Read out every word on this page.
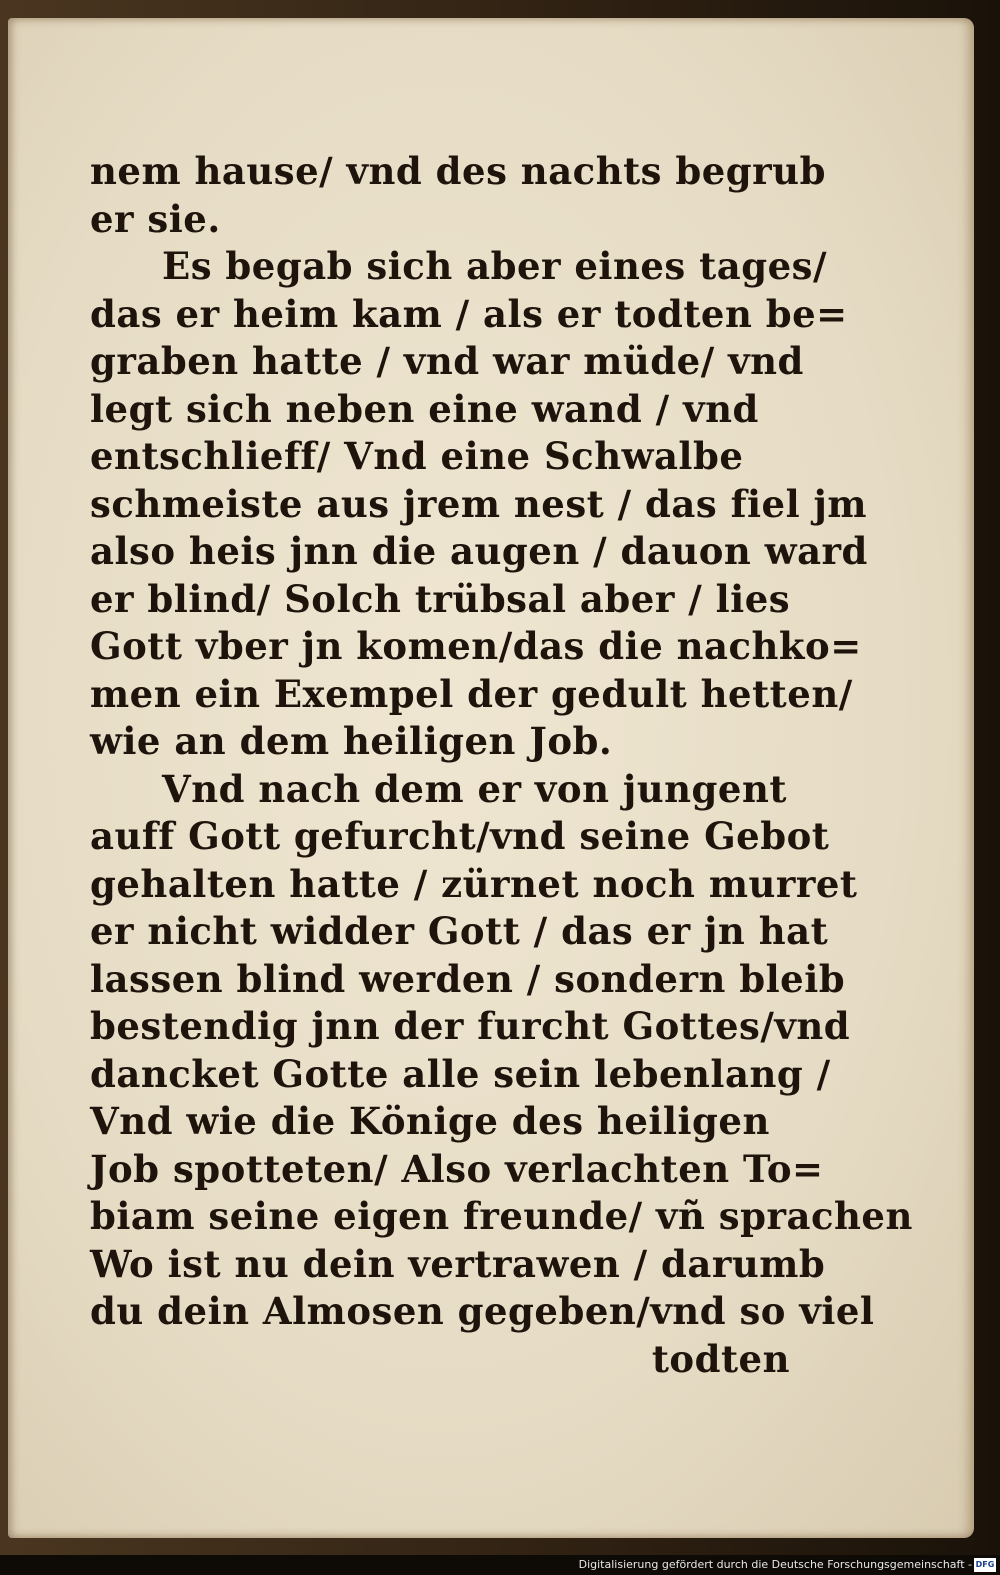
nem hause/ vnd des nachts begrub
er sie.
Es begab sich aber eines tages/
das er heim kam / als er todten be=
graben hatte / vnd war müde/ vnd
legt sich neben eine wand / vnd
entschlieff/ Vnd eine Schwalbe
schmeiste aus jrem nest / das fiel jm
also heis jnn die augen / dauon ward
er blind/ Solch trübsal aber / lies
Gott vber jn komen/das die nachko=
men ein Exempel der gedult hetten/
wie an dem heiligen Job.
Vnd nach dem er von jungent
auff Gott gefurcht/vnd seine Gebot
gehalten hatte / zürnet noch murret
er nicht widder Gott / das er jn hat
lassen blind werden / sondern bleib
bestendig jnn der furcht Gottes/vnd
dancket Gotte alle sein lebenlang /
Vnd wie die Könige des heiligen
Job spotteten/ Also verlachten To=
biam seine eigen freunde/ vñ sprachen
Wo ist nu dein vertrawen / darumb
du dein Almosen gegeben/vnd so viel
todten
Digitalisierung gefördert durch die Deutsche Forschungsgemeinschaft - DFG
